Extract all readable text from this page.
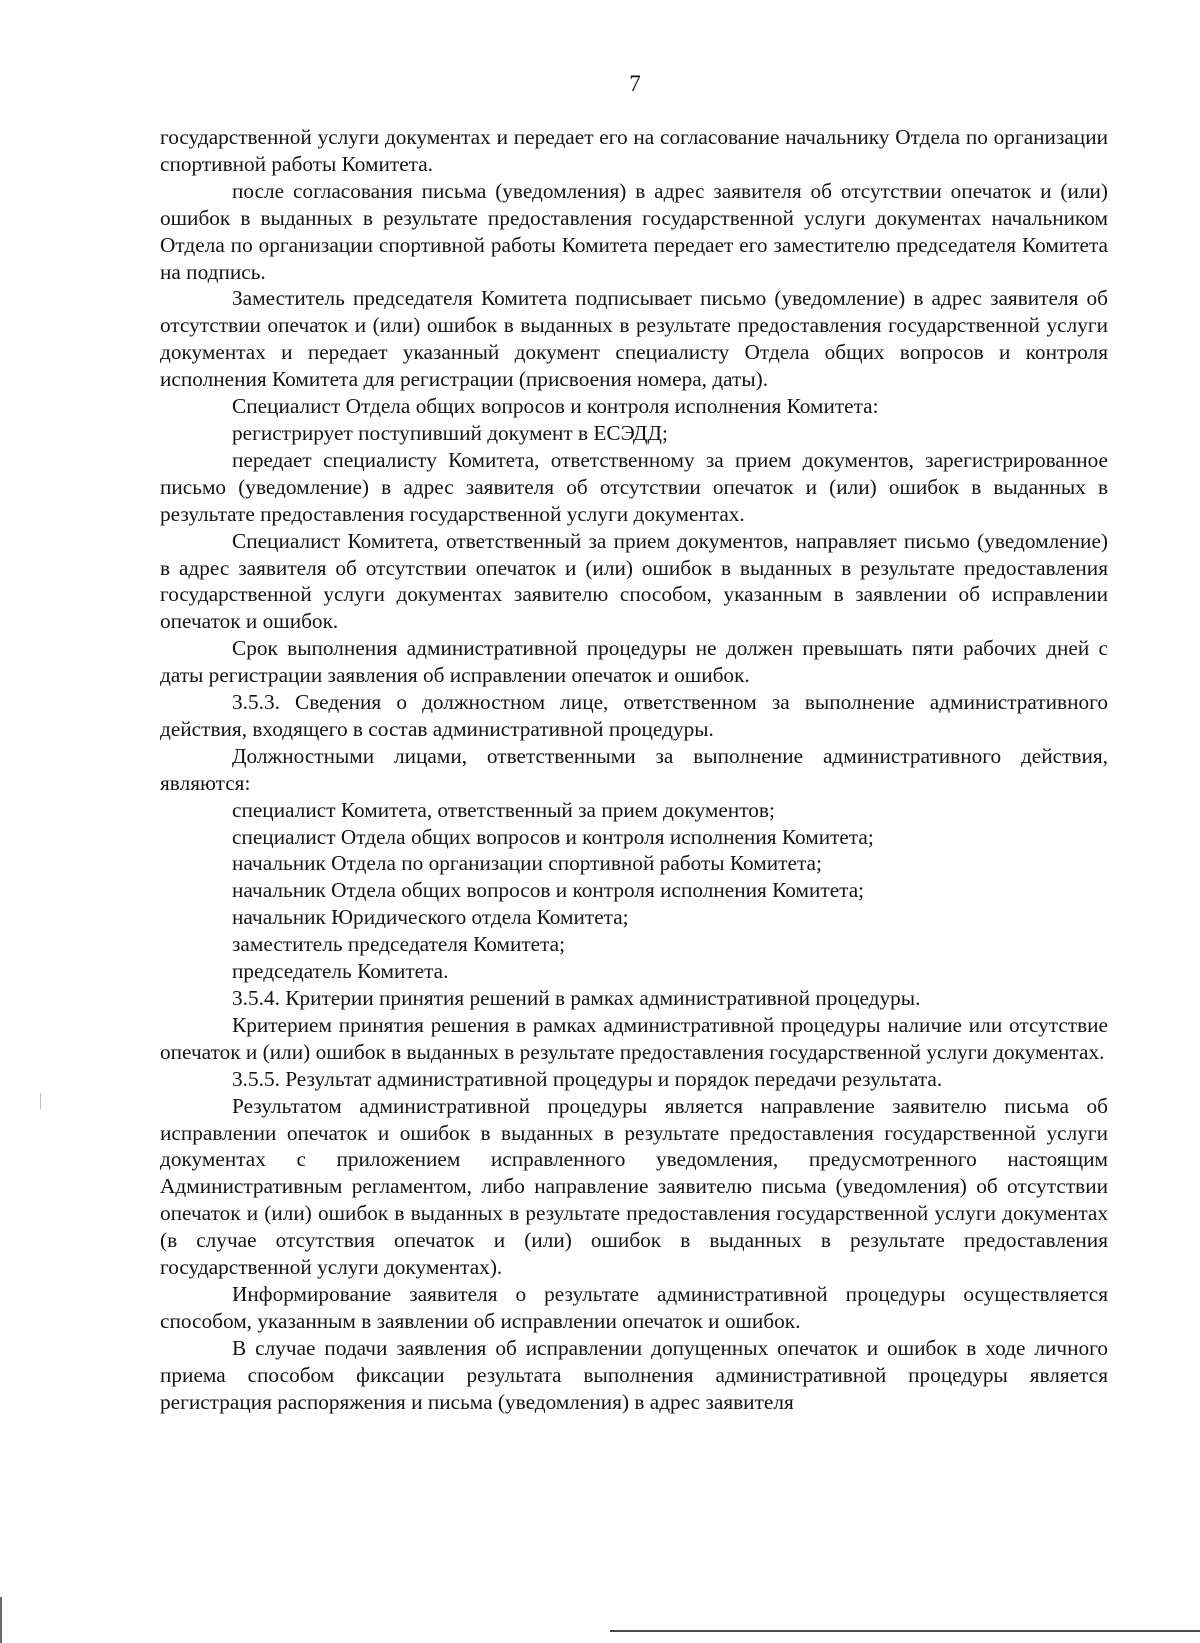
7

государственной услуги документах и передает его на согласование начальнику Отдела по организации спортивной работы Комитета.

после согласования письма (уведомления) в адрес заявителя об отсутствии опечаток и (или) ошибок в выданных в результате предоставления государственной услуги документах начальником Отдела по организации спортивной работы Комитета передает его заместителю председателя Комитета на подпись.

Заместитель председателя Комитета подписывает письмо (уведомление) в адрес заявителя об отсутствии опечаток и (или) ошибок в выданных в результате предоставления государственной услуги документах и передает указанный документ специалисту Отдела общих вопросов и контроля исполнения Комитета для регистрации (присвоения номера, даты).

Специалист Отдела общих вопросов и контроля исполнения Комитета:

регистрирует поступивший документ в ЕСЭДД;

передает специалисту Комитета, ответственному за прием документов, зарегистрированное письмо (уведомление) в адрес заявителя об отсутствии опечаток и (или) ошибок в выданных в результате предоставления государственной услуги документах.

Специалист Комитета, ответственный за прием документов, направляет письмо (уведомление) в адрес заявителя об отсутствии опечаток и (или) ошибок в выданных в результате предоставления государственной услуги документах заявителю способом, указанным в заявлении об исправлении опечаток и ошибок.

Срок выполнения административной процедуры не должен превышать пяти рабочих дней с даты регистрации заявления об исправлении опечаток и ошибок.

3.5.3. Сведения о должностном лице, ответственном за выполнение административного действия, входящего в состав административной процедуры.

Должностными лицами, ответственными за выполнение административного действия, являются:

специалист Комитета, ответственный за прием документов;

специалист Отдела общих вопросов и контроля исполнения Комитета;

начальник Отдела по организации спортивной работы Комитета;

начальник Отдела общих вопросов и контроля исполнения Комитета;

начальник Юридического отдела Комитета;

заместитель председателя Комитета;

председатель Комитета.

3.5.4. Критерии принятия решений в рамках административной процедуры.

Критерием принятия решения в рамках административной процедуры наличие или отсутствие опечаток и (или) ошибок в выданных в результате предоставления государственной услуги документах.

3.5.5. Результат административной процедуры и порядок передачи результата.

Результатом административной процедуры является направление заявителю письма об исправлении опечаток и ошибок в выданных в результате предоставления государственной услуги документах с приложением исправленного уведомления, предусмотренного настоящим Административным регламентом, либо направление заявителю письма (уведомления) об отсутствии опечаток и (или) ошибок в выданных в результате предоставления государственной услуги документах (в случае отсутствия опечаток и (или) ошибок в выданных в результате предоставления государственной услуги документах).

Информирование заявителя о результате административной процедуры осуществляется способом, указанным в заявлении об исправлении опечаток и ошибок.

В случае подачи заявления об исправлении допущенных опечаток и ошибок в ходе личного приема способом фиксации результата выполнения административной процедуры является регистрация распоряжения и письма (уведомления) в адрес заявителя
